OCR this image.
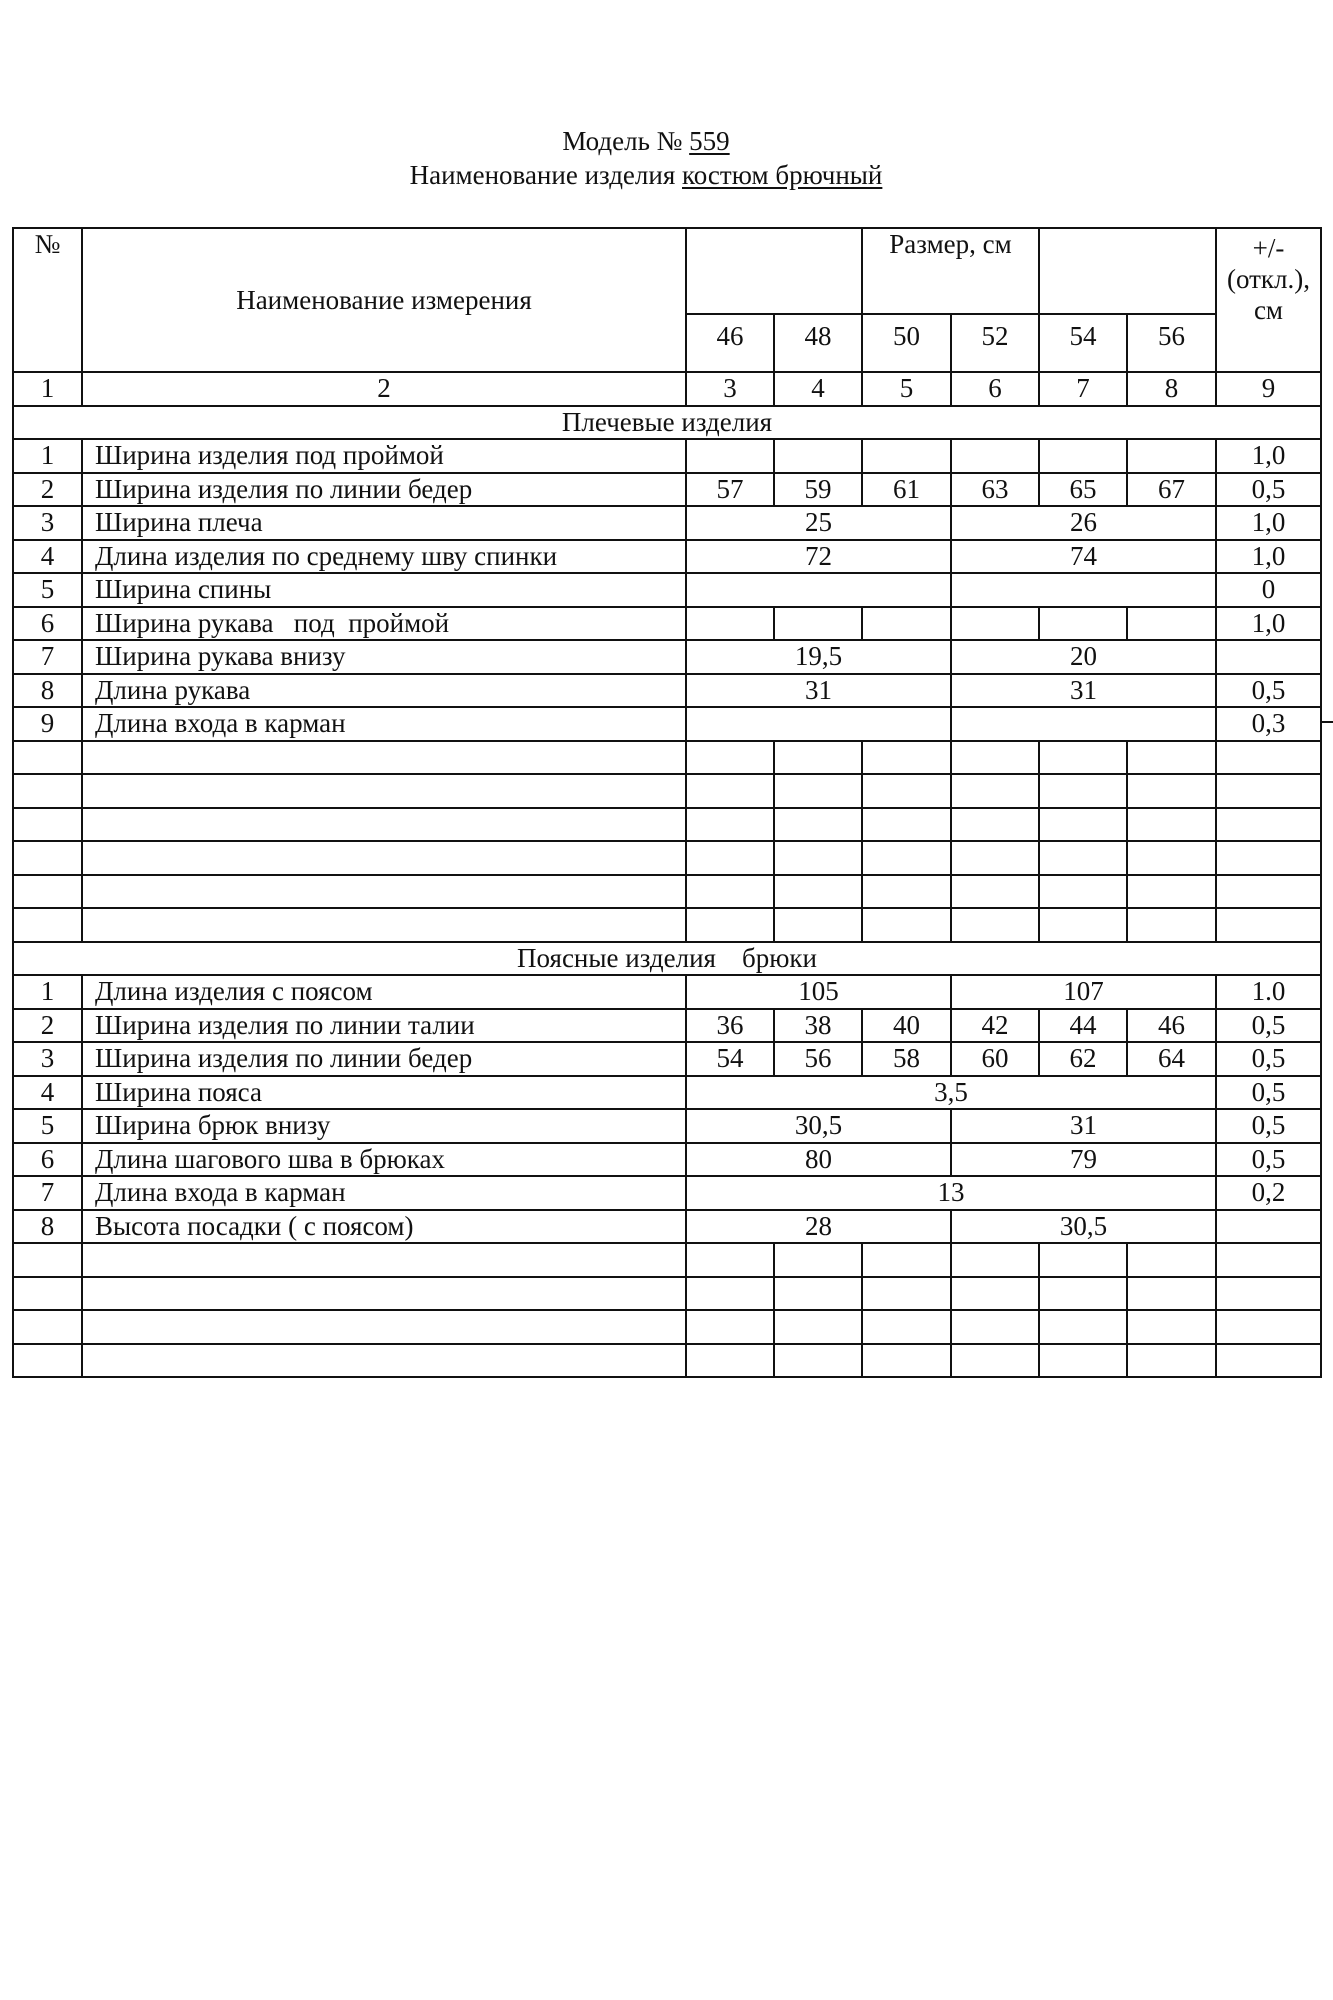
Модель № 559
Наименование изделия костюм брючный
№	Наименование измерения			Размер, см				+/- (откл.), см
		46	48	50	52	54	56	
1	2	3	4	5	6	7	8	9
Плечевые изделия								
1	Ширина изделия под проймой							1,0
2	Ширина изделия по линии бедер	57	59	61	63	65	67	0,5
3	Ширина плеча	25			26			1,0
4	Длина изделия по среднему шву спинки	72			74			1,0
5	Ширина спины							0
6	Ширина рукава   под  проймой							1,0
7	Ширина рукава внизу	19,5			20			
8	Длина рукава	31			31			0,5
9	Длина входа в карман							0,3

Поясные изделия брюки								
1	Длина изделия с поясом	105			107			1.0
2	Ширина изделия по линии талии	36	38	40	42	44	46	0,5
3	Ширина изделия по линии бедер	54	56	58	60	62	64	0,5
4	Ширина пояса	3,5						0,5
5	Ширина брюк внизу	30,5			31			0,5
6	Длина шагового шва в брюках	80			79			0,5
7	Длина входа в карман	13						0,2
8	Высота посадки ( с поясом)	28			30,5			
